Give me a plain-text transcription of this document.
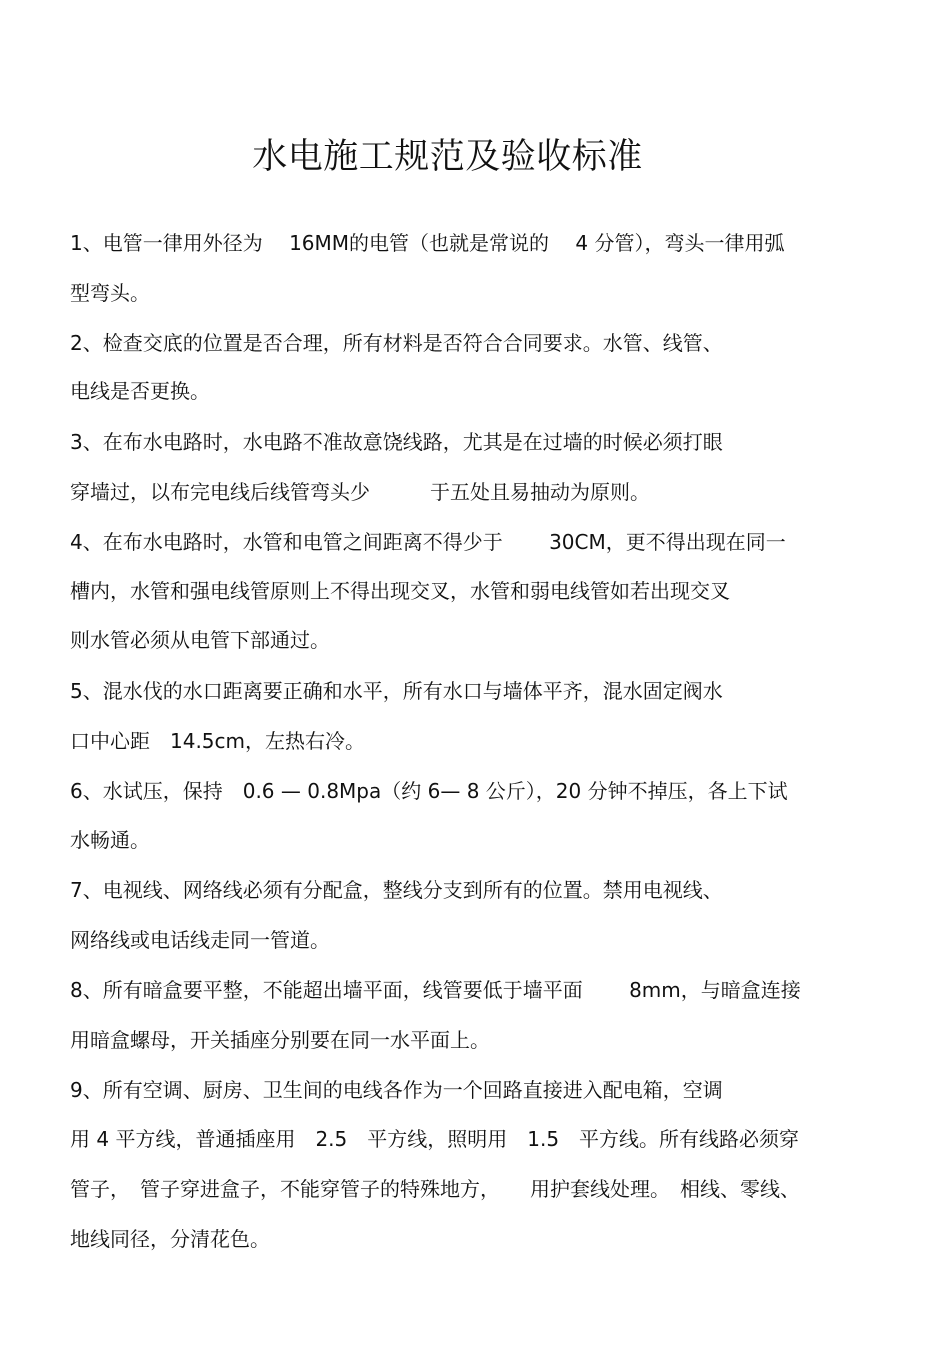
水电施工规范及验收标准
1、电管一律用外径为　 16MM的电管（也就是常说的　 4 分管），弯头一律用弧
型弯头。
2、检查交底的位置是否合理，所有材料是否符合合同要求。水管、线管、
电线是否更换。
3、在布水电路时，水电路不准故意饶线路，尤其是在过墙的时候必须打眼
穿墙过，以布完电线后线管弯头少　　　于五处且易抽动为原则。
4、在布水电路时，水管和电管之间距离不得少于　　 30CM，更不得出现在同一
槽内，水管和强电线管原则上不得出现交叉，水管和弱电线管如若出现交叉
则水管必须从电管下部通过。
5、混水伐的水口距离要正确和水平，所有水口与墙体平齐，混水固定阀水
口中心距　14.5cm，左热右冷。
6、水试压，保持　0.6 — 0.8Mpa（约 6— 8 公斤），20 分钟不掉压，各上下试
水畅通。
7、电视线、网络线必须有分配盒，整线分支到所有的位置。禁用电视线、
网络线或电话线走同一管道。
8、所有暗盒要平整，不能超出墙平面，线管要低于墙平面　　 8mm，与暗盒连接
用暗盒螺母，开关插座分别要在同一水平面上。
9、所有空调、厨房、卫生间的电线各作为一个回路直接进入配电箱，空调
用 4 平方线，普通插座用　2.5　平方线，照明用　1.5　平方线。所有线路必须穿
管子，　管子穿进盒子，不能穿管子的特殊地方，　　用护套线处理。　相线、零线、
地线同径，分清花色。
